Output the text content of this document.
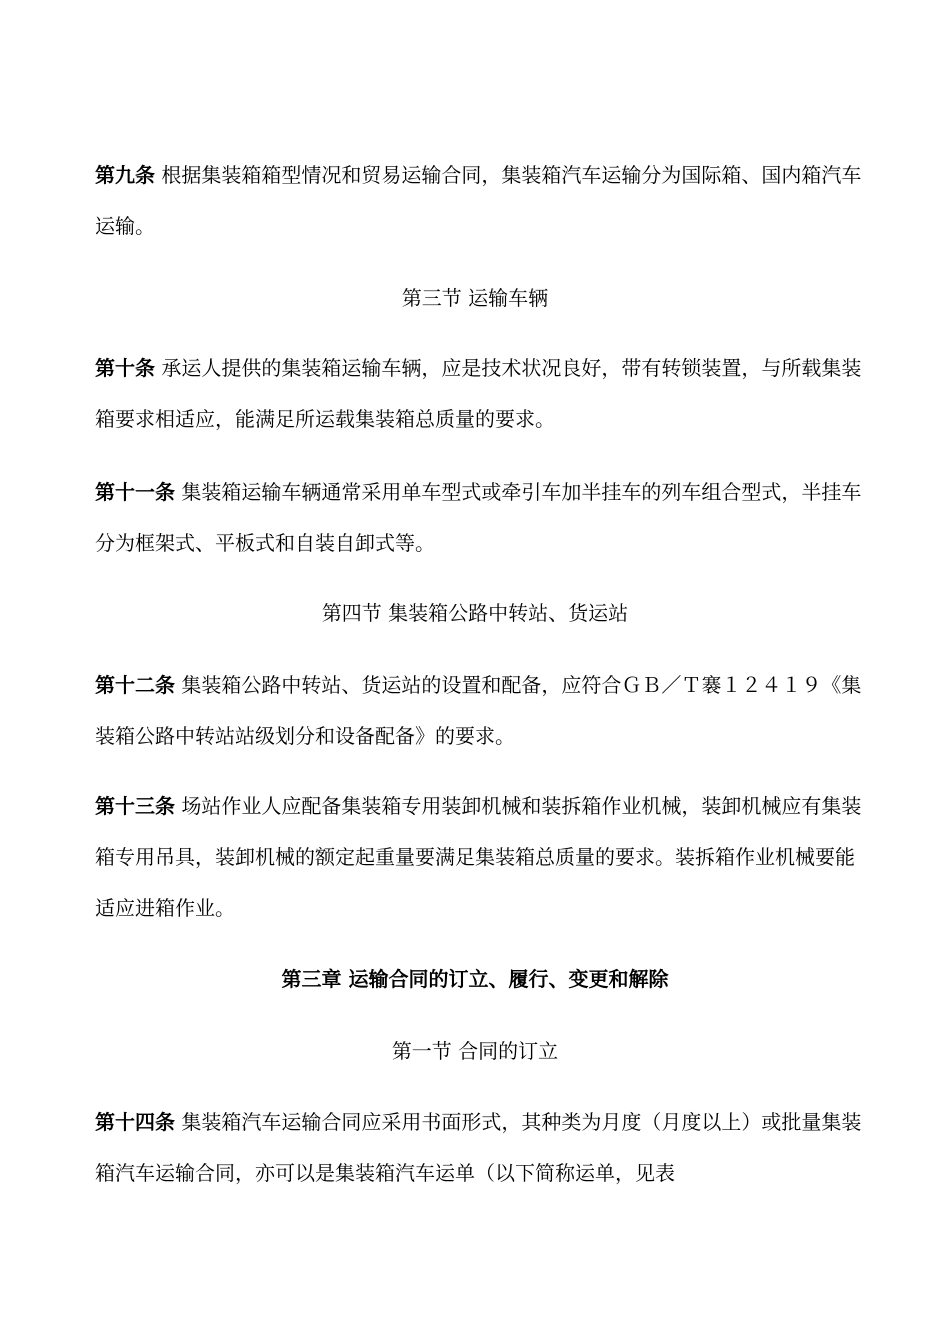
第九条 根据集装箱箱型情况和贸易运输合同，集装箱汽车运输分为国际箱、国内箱汽车运输。

第三节 运输车辆

第十条 承运人提供的集装箱运输车辆，应是技术状况良好，带有转锁装置，与所载集装箱要求相适应，能满足所运载集装箱总质量的要求。

第十一条 集装箱运输车辆通常采用单车型式或牵引车加半挂车的列车组合型式，半挂车分为框架式、平板式和自装自卸式等。

第四节 集装箱公路中转站、货运站

第十二条 集装箱公路中转站、货运站的设置和配备，应符合ＧＢ／Ｔ褰１２４１９《集装箱公路中转站站级划分和设备配备》的要求。

第十三条 场站作业人应配备集装箱专用装卸机械和装拆箱作业机械，装卸机械应有集装箱专用吊具，装卸机械的额定起重量要满足集装箱总质量的要求。装拆箱作业机械要能适应进箱作业。

第三章 运输合同的订立、履行、变更和解除

第一节 合同的订立

第十四条 集装箱汽车运输合同应采用书面形式，其种类为月度（月度以上）或批量集装箱汽车运输合同，亦可以是集装箱汽车运单（以下简称运单，见表
